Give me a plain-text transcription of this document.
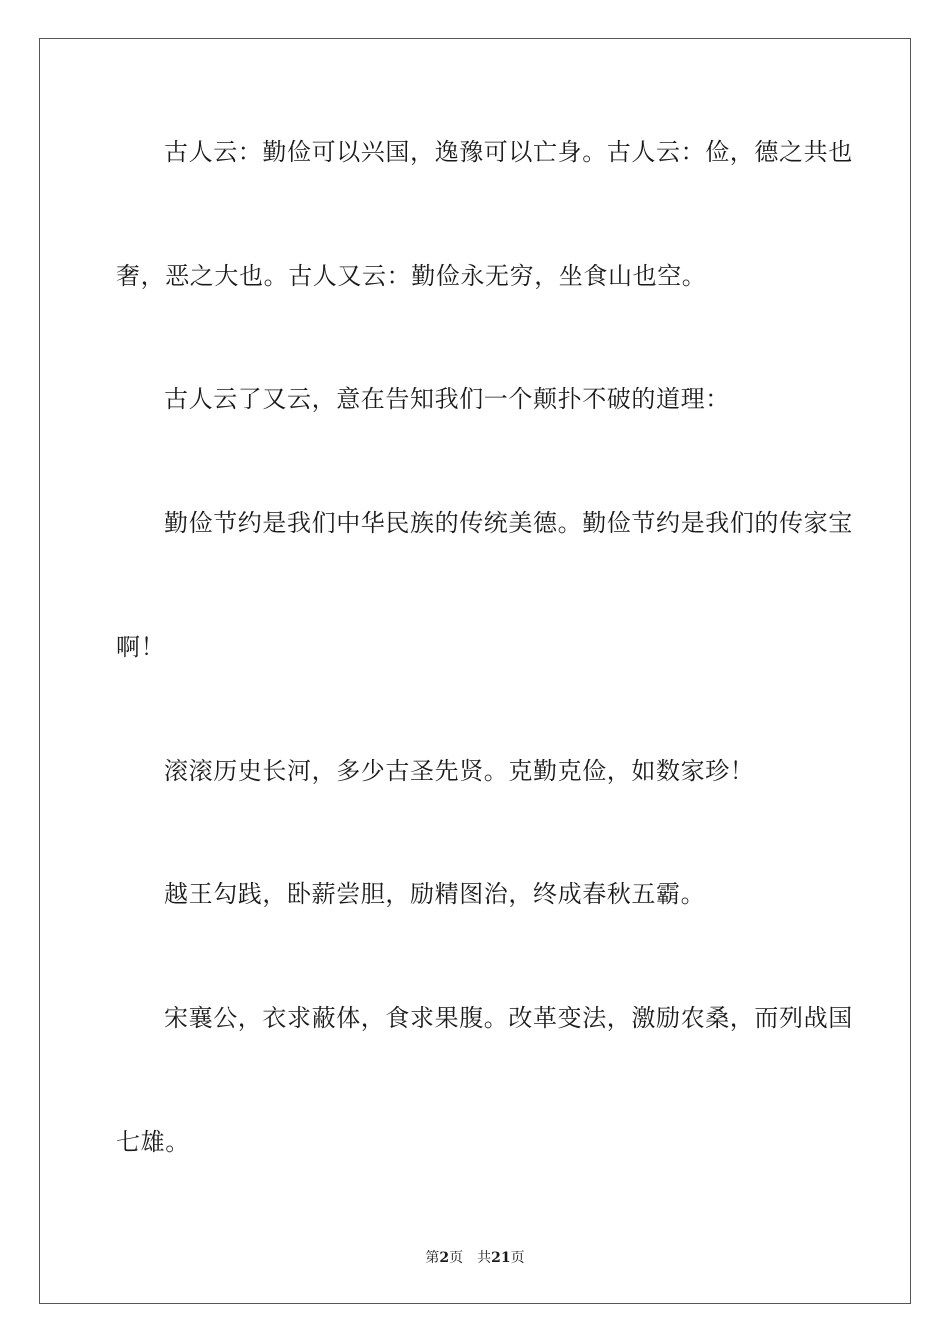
古人云：勤俭可以兴国，逸豫可以亡身。古人云：俭，德之共也

奢，恶之大也。古人又云：勤俭永无穷，坐食山也空。

古人云了又云，意在告知我们一个颠扑不破的道理：

勤俭节约是我们中华民族的传统美德。勤俭节约是我们的传家宝

啊！

滚滚历史长河，多少古圣先贤。克勤克俭，如数家珍！

越王勾践，卧薪尝胆，励精图治，终成春秋五霸。

宋襄公，衣求蔽体，食求果腹。改革变法，激励农桑，而列战国

七雄。

第2页 共21页
